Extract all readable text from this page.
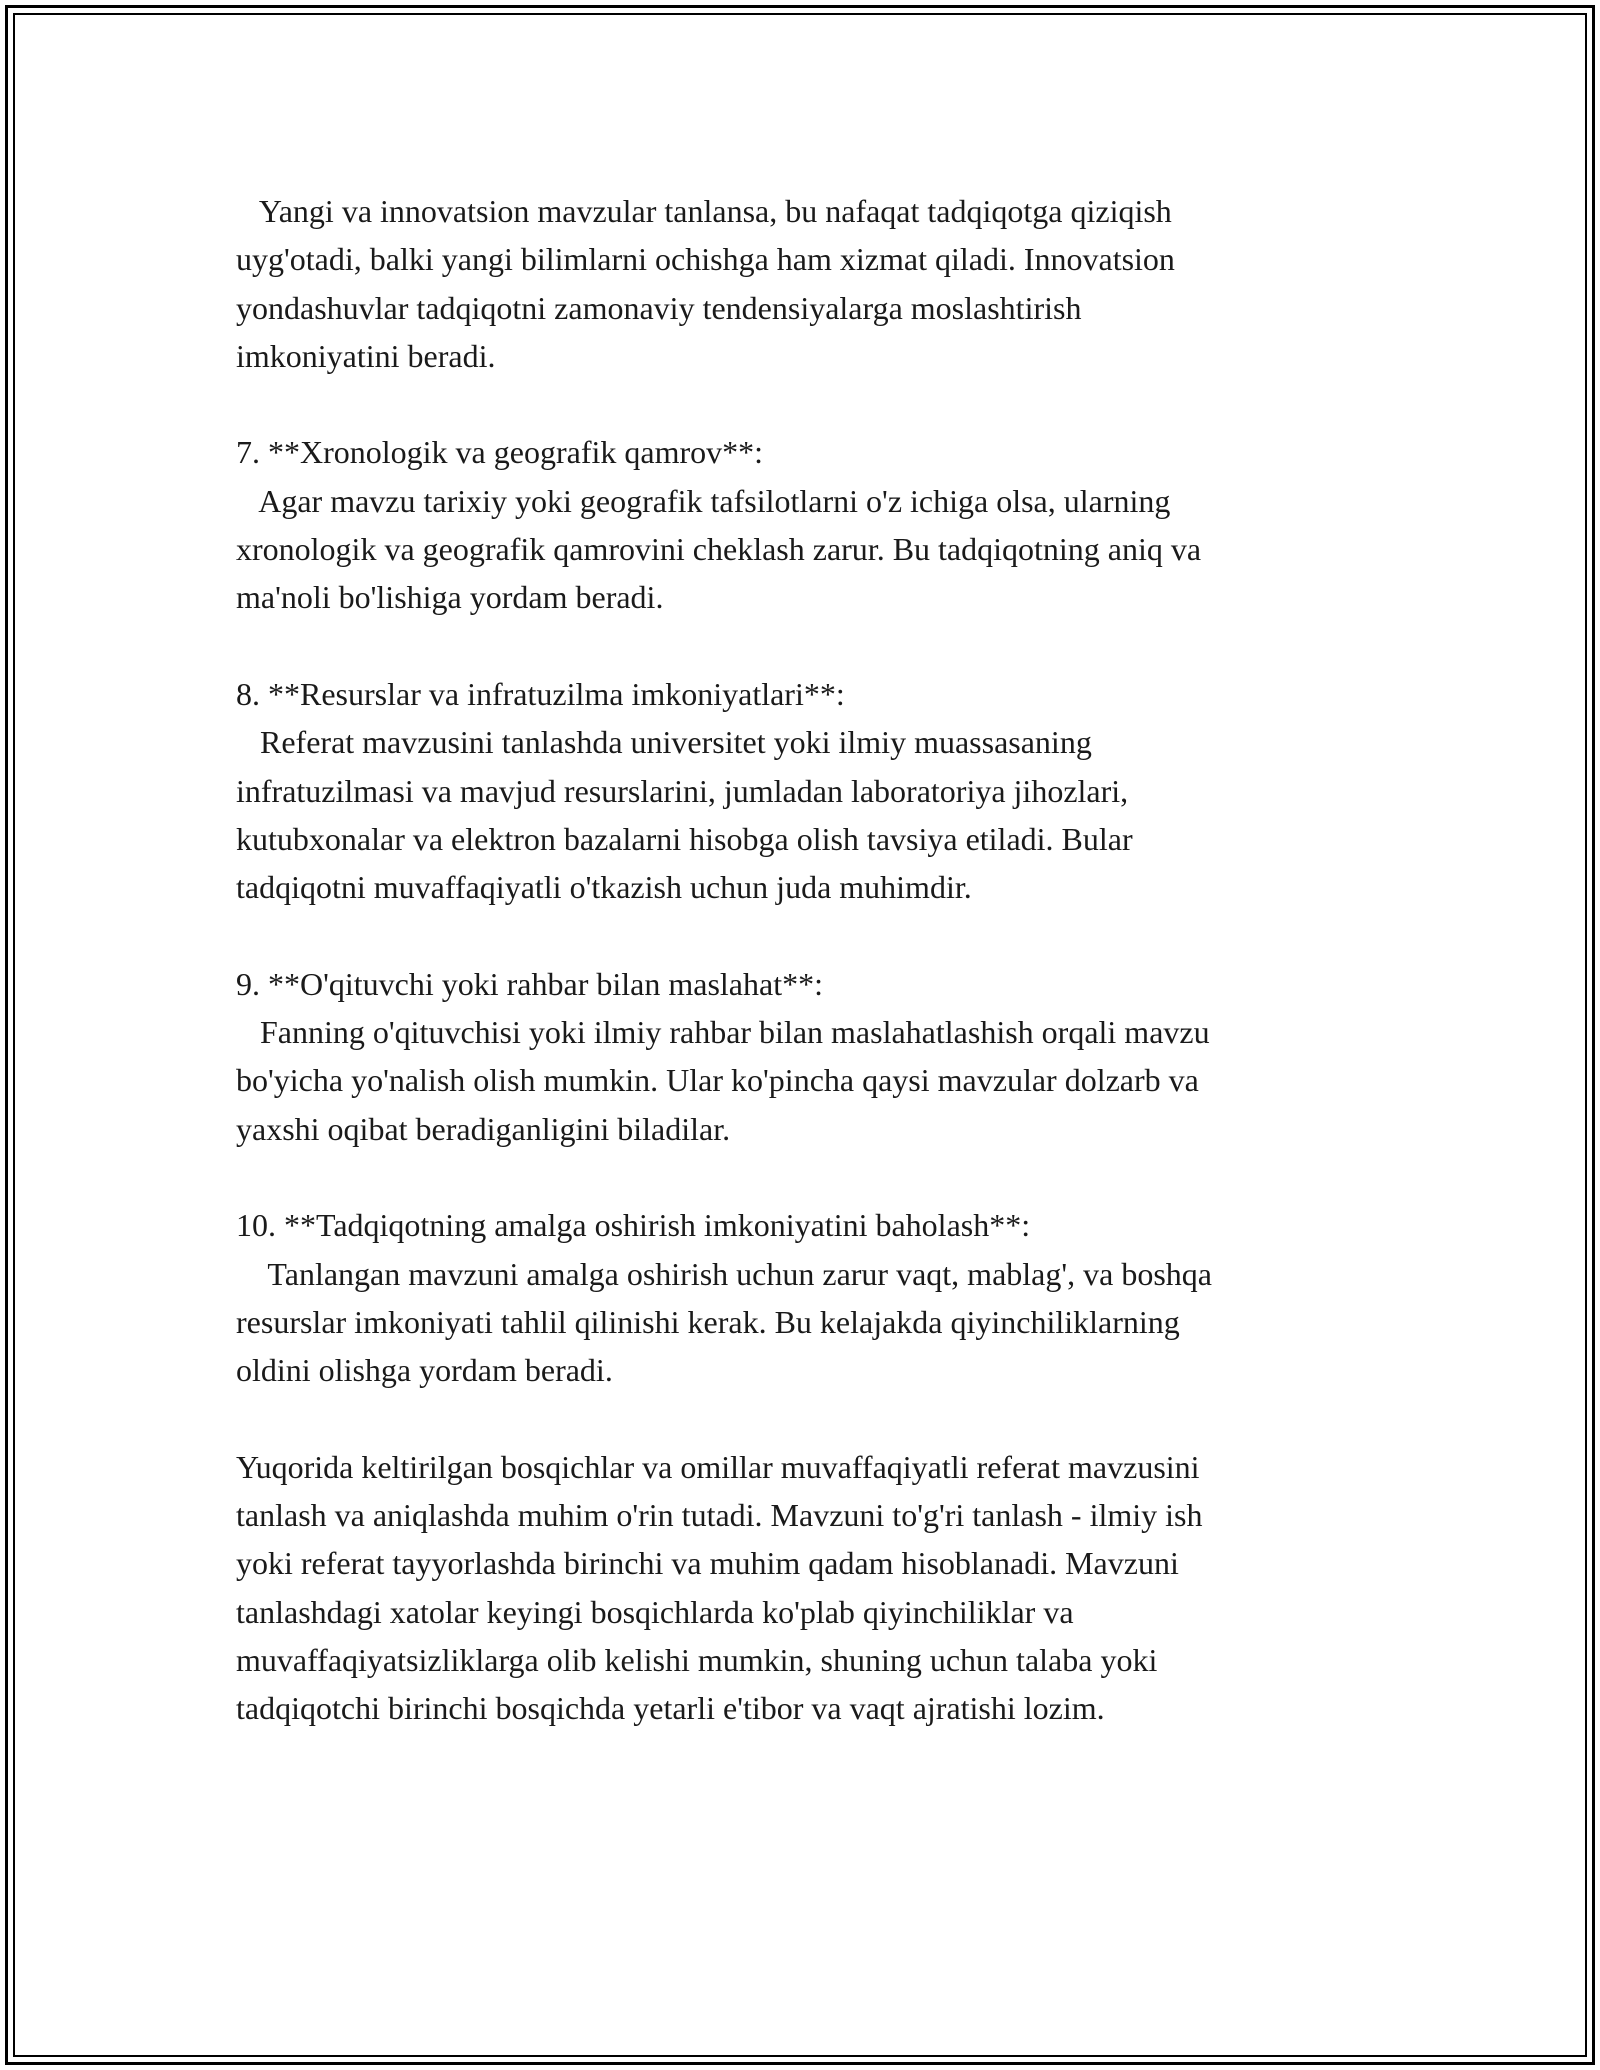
Yangi va innovatsion mavzular tanlansa, bu nafaqat tadqiqotga qiziqish
uyg'otadi, balki yangi bilimlarni ochishga ham xizmat qiladi. Innovatsion
yondashuvlar tadqiqotni zamonaviy tendensiyalarga moslashtirish
imkoniyatini beradi.
7. **Xronologik va geografik qamrov**:
Agar mavzu tarixiy yoki geografik tafsilotlarni o'z ichiga olsa, ularning
xronologik va geografik qamrovini cheklash zarur. Bu tadqiqotning aniq va
ma'noli bo'lishiga yordam beradi.
8. **Resurslar va infratuzilma imkoniyatlari**:
Referat mavzusini tanlashda universitet yoki ilmiy muassasaning
infratuzilmasi va mavjud resurslarini, jumladan laboratoriya jihozlari,
kutubxonalar va elektron bazalarni hisobga olish tavsiya etiladi. Bular
tadqiqotni muvaffaqiyatli o'tkazish uchun juda muhimdir.
9. **O'qituvchi yoki rahbar bilan maslahat**:
Fanning o'qituvchisi yoki ilmiy rahbar bilan maslahatlashish orqali mavzu
bo'yicha yo'nalish olish mumkin. Ular ko'pincha qaysi mavzular dolzarb va
yaxshi oqibat beradiganligini biladilar.
10. **Tadqiqotning amalga oshirish imkoniyatini baholash**:
Tanlangan mavzuni amalga oshirish uchun zarur vaqt, mablag', va boshqa
resurslar imkoniyati tahlil qilinishi kerak. Bu kelajakda qiyinchiliklarning
oldini olishga yordam beradi.
Yuqorida keltirilgan bosqichlar va omillar muvaffaqiyatli referat mavzusini
tanlash va aniqlashda muhim o'rin tutadi. Mavzuni to'g'ri tanlash - ilmiy ish
yoki referat tayyorlashda birinchi va muhim qadam hisoblanadi. Mavzuni
tanlashdagi xatolar keyingi bosqichlarda ko'plab qiyinchiliklar va
muvaffaqiyatsizliklarga olib kelishi mumkin, shuning uchun talaba yoki
tadqiqotchi birinchi bosqichda yetarli e'tibor va vaqt ajratishi lozim.
